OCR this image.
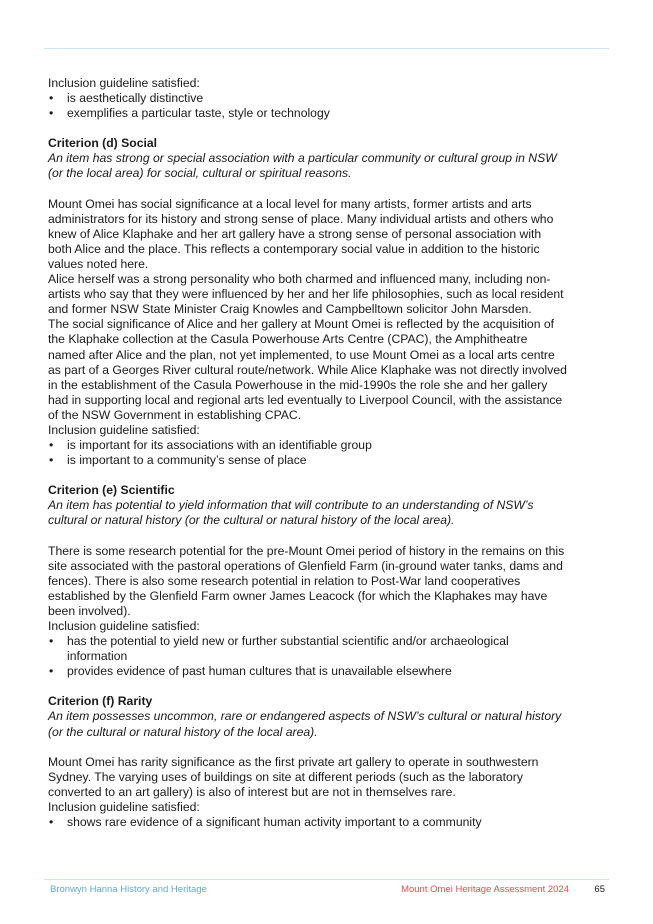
Inclusion guideline satisfied:

• is aesthetically distinctive
• exemplifies a particular taste, style or technology

Criterion (d) Social

An item has strong or special association with a particular community or cultural group in NSW (or the local area) for social, cultural or spiritual reasons.

Mount Omei has social significance at a local level for many artists, former artists and arts administrators for its history and strong sense of place. Many individual artists and others who knew of Alice Klaphake and her art gallery have a strong sense of personal association with both Alice and the place. This reflects a contemporary social value in addition to the historic values noted here.

Alice herself was a strong personality who both charmed and influenced many, including non-artists who say that they were influenced by her and her life philosophies, such as local resident and former NSW State Minister Craig Knowles and Campbelltown solicitor John Marsden.

The social significance of Alice and her gallery at Mount Omei is reflected by the acquisition of the Klaphake collection at the Casula Powerhouse Arts Centre (CPAC), the Amphitheatre named after Alice and the plan, not yet implemented, to use Mount Omei as a local arts centre as part of a Georges River cultural route/network. While Alice Klaphake was not directly involved in the establishment of the Casula Powerhouse in the mid-1990s the role she and her gallery had in supporting local and regional arts led eventually to Liverpool Council, with the assistance of the NSW Government in establishing CPAC.

Inclusion guideline satisfied:

• is important for its associations with an identifiable group
• is important to a community’s sense of place

Criterion (e) Scientific

An item has potential to yield information that will contribute to an understanding of NSW’s cultural or natural history (or the cultural or natural history of the local area).

There is some research potential for the pre-Mount Omei period of history in the remains on this site associated with the pastoral operations of Glenfield Farm (in-ground water tanks, dams and fences). There is also some research potential in relation to Post-War land cooperatives established by the Glenfield Farm owner James Leacock (for which the Klaphakes may have been involved).

Inclusion guideline satisfied:

• has the potential to yield new or further substantial scientific and/or archaeological information
• provides evidence of past human cultures that is unavailable elsewhere

Criterion (f) Rarity

An item possesses uncommon, rare or endangered aspects of NSW’s cultural or natural history (or the cultural or natural history of the local area).

Mount Omei has rarity significance as the first private art gallery to operate in southwestern Sydney. The varying uses of buildings on site at different periods (such as the laboratory converted to an art gallery) is also of interest but are not in themselves rare.

Inclusion guideline satisfied:

• shows rare evidence of a significant human activity important to a community
Bronwyn Hanna History and Heritage	Mount Omei Heritage Assessment 2024	65
